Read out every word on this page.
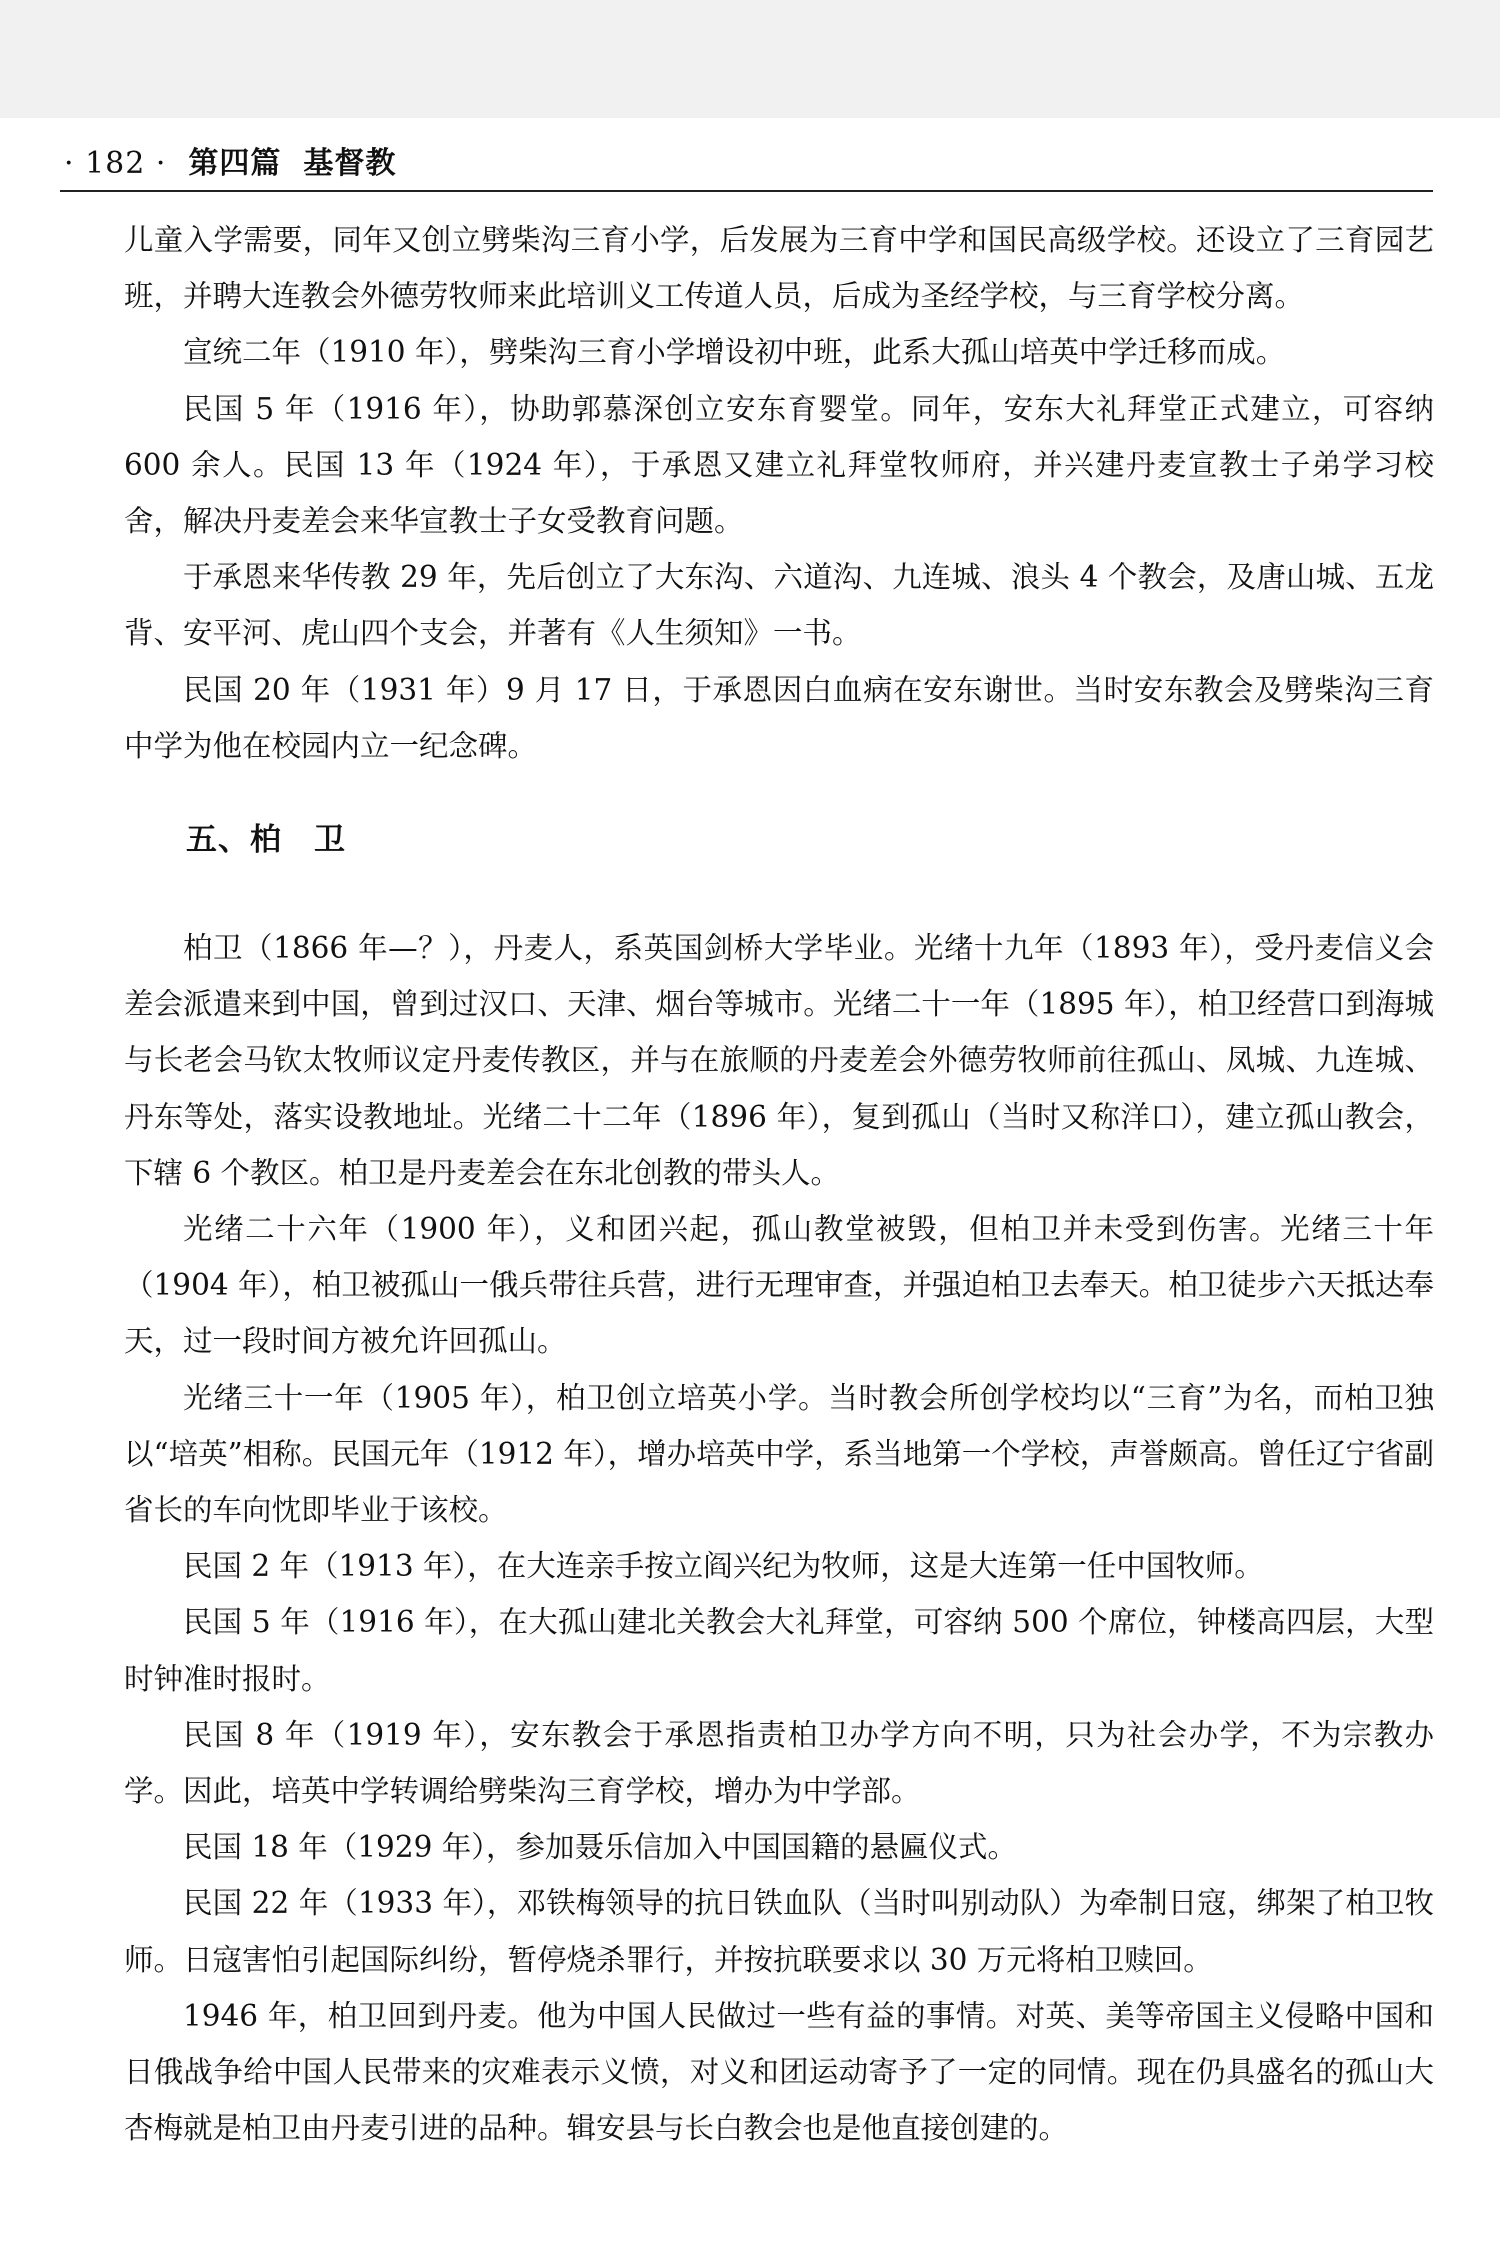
· 182 · 第四篇 基督教

儿童入学需要，同年又创立劈柴沟三育小学，后发展为三育中学和国民高级学校。还设立了三育园艺班，并聘大连教会外德劳牧师来此培训义工传道人员，后成为圣经学校，与三育学校分离。

宣统二年（1910 年），劈柴沟三育小学增设初中班，此系大孤山培英中学迁移而成。

民国 5 年（1916 年），协助郭慕深创立安东育婴堂。同年，安东大礼拜堂正式建立，可容纳 600 余人。民国 13 年（1924 年），于承恩又建立礼拜堂牧师府，并兴建丹麦宣教士子弟学习校舍，解决丹麦差会来华宣教士子女受教育问题。

于承恩来华传教 29 年，先后创立了大东沟、六道沟、九连城、浪头 4 个教会，及唐山城、五龙背、安平河、虎山四个支会，并著有《人生须知》一书。

民国 20 年（1931 年）9 月 17 日，于承恩因白血病在安东谢世。当时安东教会及劈柴沟三育中学为他在校园内立一纪念碑。

五、柏　卫

柏卫（1866 年—？），丹麦人，系英国剑桥大学毕业。光绪十九年（1893 年），受丹麦信义会差会派遣来到中国，曾到过汉口、天津、烟台等城市。光绪二十一年（1895 年），柏卫经营口到海城与长老会马钦太牧师议定丹麦传教区，并与在旅顺的丹麦差会外德劳牧师前往孤山、凤城、九连城、丹东等处，落实设教地址。光绪二十二年（1896 年），复到孤山（当时又称洋口），建立孤山教会，下辖 6 个教区。柏卫是丹麦差会在东北创教的带头人。

光绪二十六年（1900 年），义和团兴起，孤山教堂被毁，但柏卫并未受到伤害。光绪三十年（1904 年），柏卫被孤山一俄兵带往兵营，进行无理审查，并强迫柏卫去奉天。柏卫徒步六天抵达奉天，过一段时间方被允许回孤山。

光绪三十一年（1905 年），柏卫创立培英小学。当时教会所创学校均以“三育”为名，而柏卫独以“培英”相称。民国元年（1912 年），增办培英中学，系当地第一个学校，声誉颇高。曾任辽宁省副省长的车向忱即毕业于该校。

民国 2 年（1913 年），在大连亲手按立阎兴纪为牧师，这是大连第一任中国牧师。

民国 5 年（1916 年），在大孤山建北关教会大礼拜堂，可容纳 500 个席位，钟楼高四层，大型时钟准时报时。

民国 8 年（1919 年），安东教会于承恩指责柏卫办学方向不明，只为社会办学，不为宗教办学。因此，培英中学转调给劈柴沟三育学校，增办为中学部。

民国 18 年（1929 年），参加聂乐信加入中国国籍的悬匾仪式。

民国 22 年（1933 年），邓铁梅领导的抗日铁血队（当时叫别动队）为牵制日寇，绑架了柏卫牧师。日寇害怕引起国际纠纷，暂停烧杀罪行，并按抗联要求以 30 万元将柏卫赎回。

1946 年，柏卫回到丹麦。他为中国人民做过一些有益的事情。对英、美等帝国主义侵略中国和日俄战争给中国人民带来的灾难表示义愤，对义和团运动寄予了一定的同情。现在仍具盛名的孤山大杏梅就是柏卫由丹麦引进的品种。辑安县与长白教会也是他直接创建的。
